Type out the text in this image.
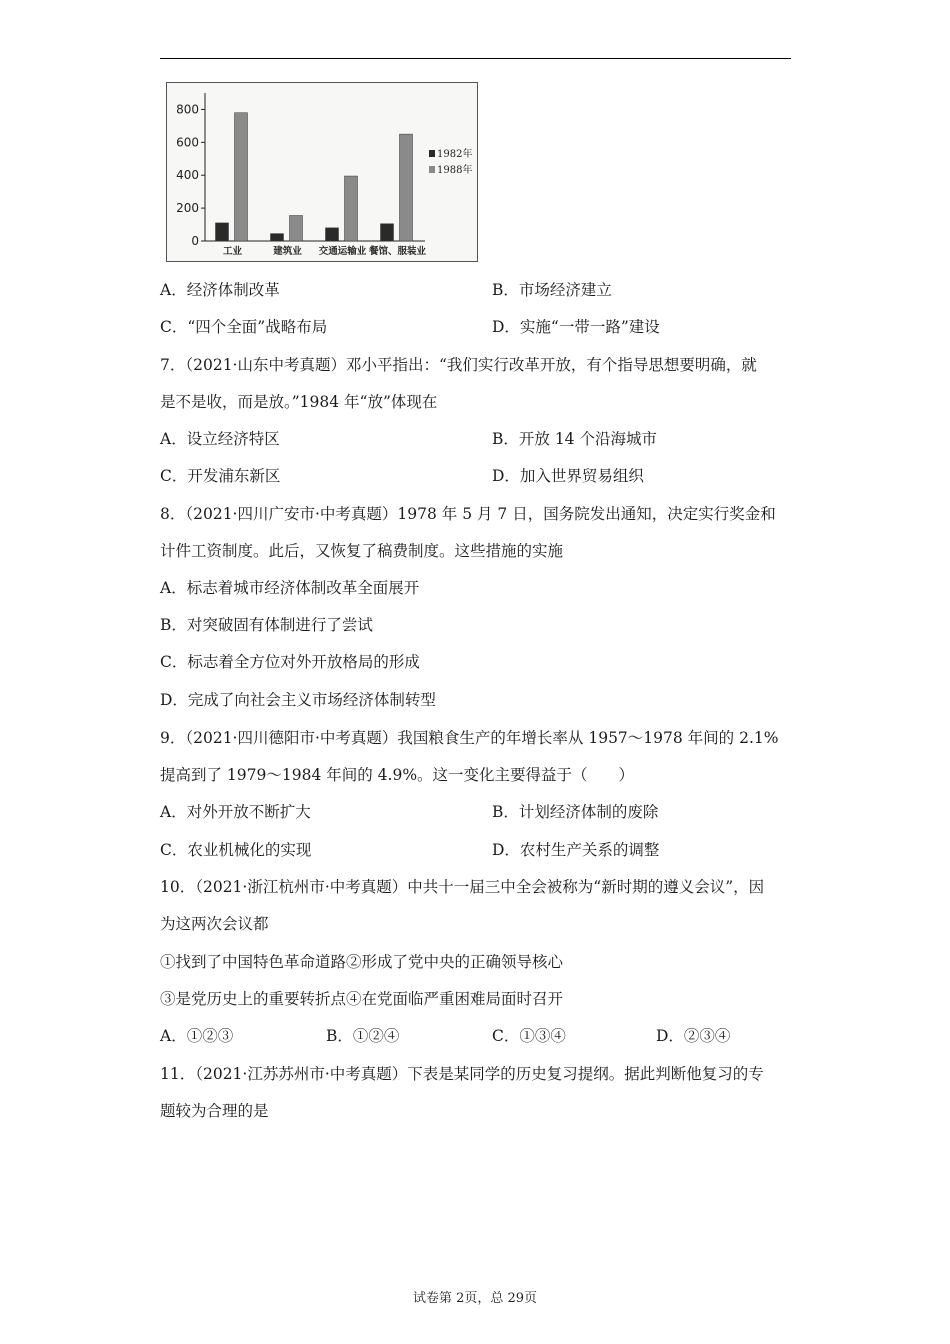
0
200
400
600
800
工业	建筑业 交通运输业 餐馆、服装业
1982年
1988年
A．经济体制改革	B．市场经济建立
C．“四个全面”战略布局	D．实施“一带一路”建设
7．（2021·山东中考真题）邓小平指出：“我们实行改革开放，有个指导思想要明确，就
是不是收，而是放。”1984 年“放”体现在
A．设立经济特区	B．开放 14 个沿海城市
C．开发浦东新区	D．加入世界贸易组织
8．（2021·四川广安市·中考真题）1978 年 5 月 7 日，国务院发出通知，决定实行奖金和
计件工资制度。此后，又恢复了稿费制度。这些措施的实施
A．标志着城市经济体制改革全面展开
B．对突破固有体制进行了尝试
C．标志着全方位对外开放格局的形成
D．完成了向社会主义市场经济体制转型
9．（2021·四川德阳市·中考真题）我国粮食生产的年增长率从 1957～1978 年间的 2.1%
提高到了 1979～1984 年间的 4.9%。这一变化主要得益于（　　）
A．对外开放不断扩大	B．计划经济体制的废除
C．农业机械化的实现	D．农村生产关系的调整
10．（2021·浙江杭州市·中考真题）中共十一届三中全会被称为“新时期的遵义会议”，因
为这两次会议都
①找到了中国特色革命道路②形成了党中央的正确领导核心
③是党历史上的重要转折点④在党面临严重困难局面时召开
A．①②③	B．①②④	C．①③④	D．②③④
11．（2021·江苏苏州市·中考真题）下表是某同学的历史复习提纲。据此判断他复习的专
题较为合理的是
试卷第 2页，总 29页
